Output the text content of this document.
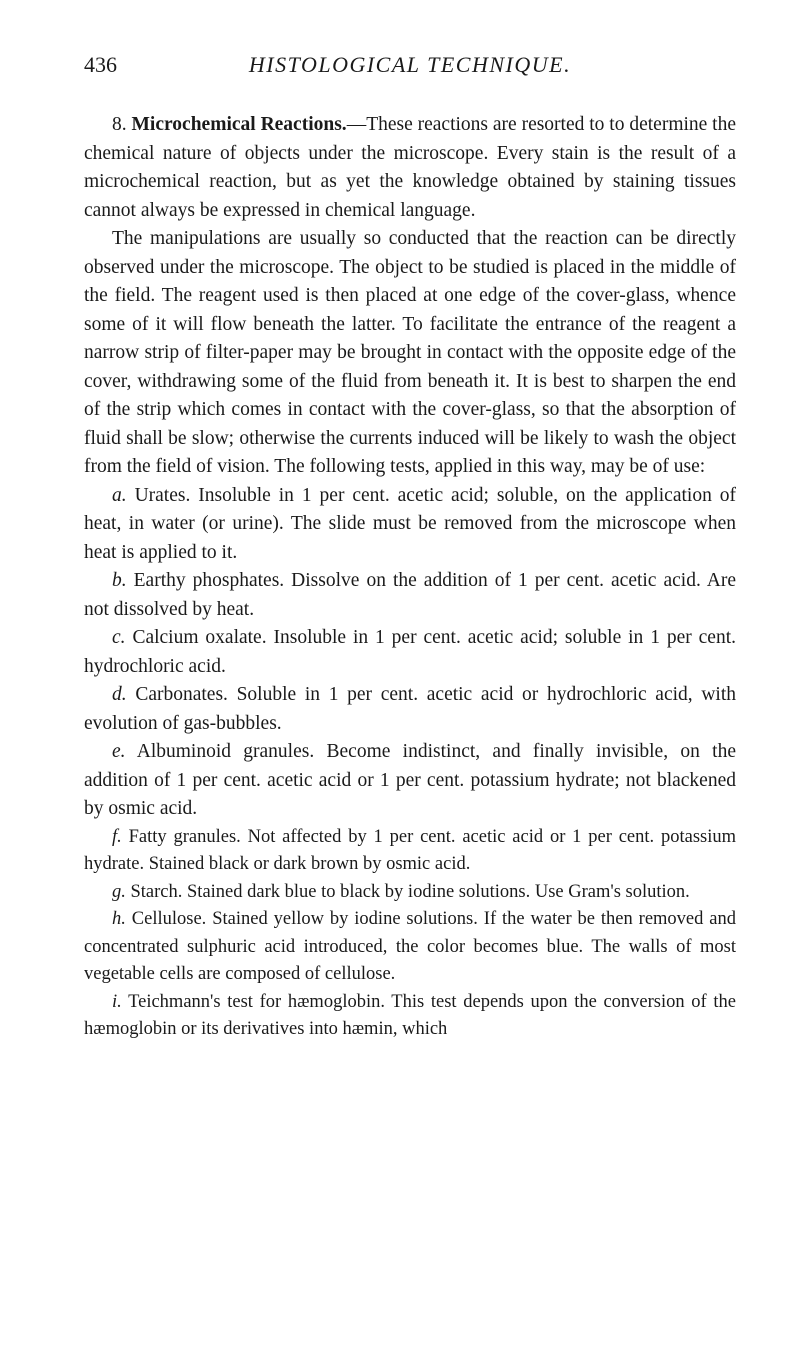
436	HISTOLOGICAL TECHNIQUE.

8. Microchemical Reactions.—These reactions are resorted to to determine the chemical nature of objects under the microscope. Every stain is the result of a microchemical reaction, but as yet the knowledge obtained by staining tissues cannot always be expressed in chemical language.

The manipulations are usually so conducted that the reaction can be directly observed under the microscope. The object to be studied is placed in the middle of the field. The reagent used is then placed at one edge of the cover-glass, whence some of it will flow beneath the latter. To facilitate the entrance of the reagent a narrow strip of filter-paper may be brought in contact with the opposite edge of the cover, withdrawing some of the fluid from beneath it. It is best to sharpen the end of the strip which comes in contact with the cover-glass, so that the absorption of fluid shall be slow; otherwise the currents induced will be likely to wash the object from the field of vision. The following tests, applied in this way, may be of use:

a. Urates. Insoluble in 1 per cent. acetic acid; soluble, on the application of heat, in water (or urine). The slide must be removed from the microscope when heat is applied to it.

b. Earthy phosphates. Dissolve on the addition of 1 per cent. acetic acid. Are not dissolved by heat.

c. Calcium oxalate. Insoluble in 1 per cent. acetic acid; soluble in 1 per cent. hydrochloric acid.

d. Carbonates. Soluble in 1 per cent. acetic acid or hydrochloric acid, with evolution of gas-bubbles.

e. Albuminoid granules. Become indistinct, and finally invisible, on the addition of 1 per cent. acetic acid or 1 per cent. potassium hydrate; not blackened by osmic acid.

f. Fatty granules. Not affected by 1 per cent. acetic acid or 1 per cent. potassium hydrate. Stained black or dark brown by osmic acid.

g. Starch. Stained dark blue to black by iodine solutions. Use Gram's solution.

h. Cellulose. Stained yellow by iodine solutions. If the water be then removed and concentrated sulphuric acid introduced, the color becomes blue. The walls of most vegetable cells are composed of cellulose.

i. Teichmann's test for hæmoglobin. This test depends upon the conversion of the hæmoglobin or its derivatives into hæmin, which
